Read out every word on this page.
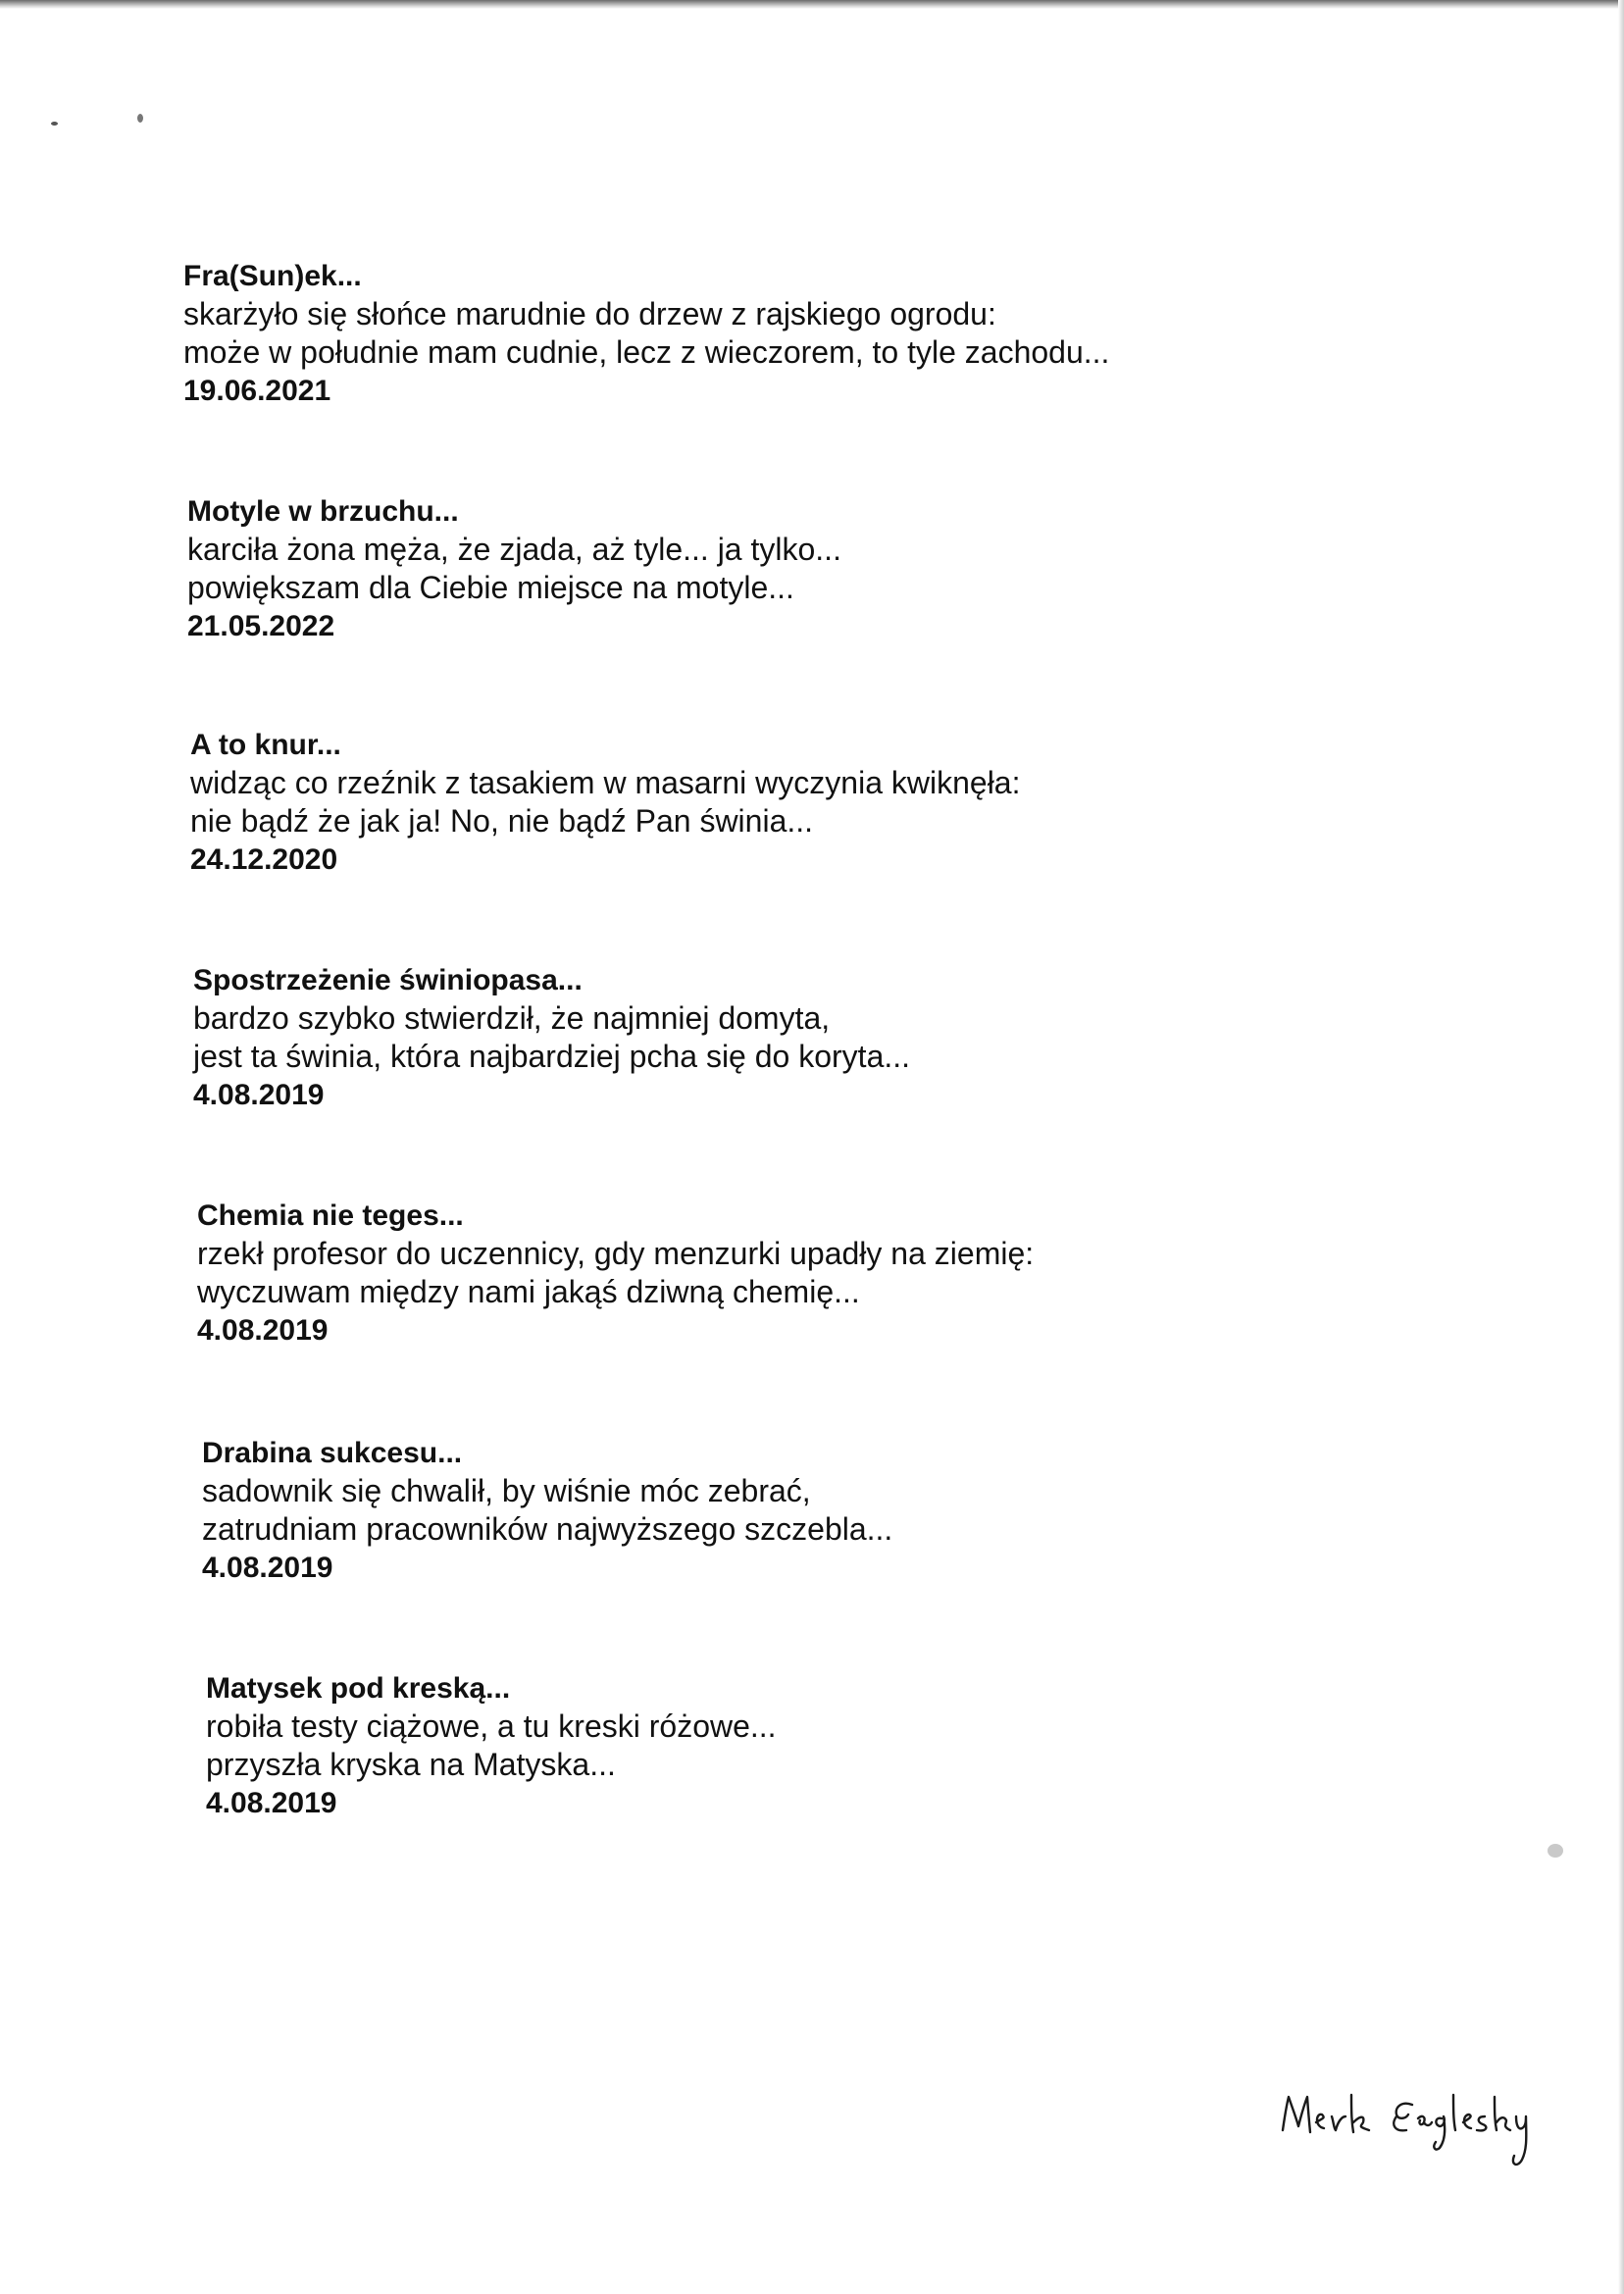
Fra(Sun)ek...
skarżyło się słońce marudnie do drzew z rajskiego ogrodu:
może w południe mam cudnie, lecz z wieczorem, to tyle zachodu...
19.06.2021
Motyle w brzuchu...
karciła żona męża, że zjada, aż tyle... ja tylko...
powiększam dla Ciebie miejsce na motyle...
21.05.2022
A to knur...
widząc co rzeźnik z tasakiem w masarni wyczynia kwiknęła:
nie bądź że jak ja! No, nie bądź Pan świnia...
24.12.2020
Spostrzeżenie świniopasa...
bardzo szybko stwierdził, że najmniej domyta,
jest ta świnia, która najbardziej pcha się do koryta...
4.08.2019
Chemia nie teges...
rzekł profesor do uczennicy, gdy menzurki upadły na ziemię:
wyczuwam między nami jakąś dziwną chemię...
4.08.2019
Drabina sukcesu...
sadownik się chwalił, by wiśnie móc zebrać,
zatrudniam pracowników najwyższego szczebla...
4.08.2019
Matysek pod kreską...
robiła testy ciążowe, a tu kreski różowe...
przyszła kryska na Matyska...
4.08.2019
